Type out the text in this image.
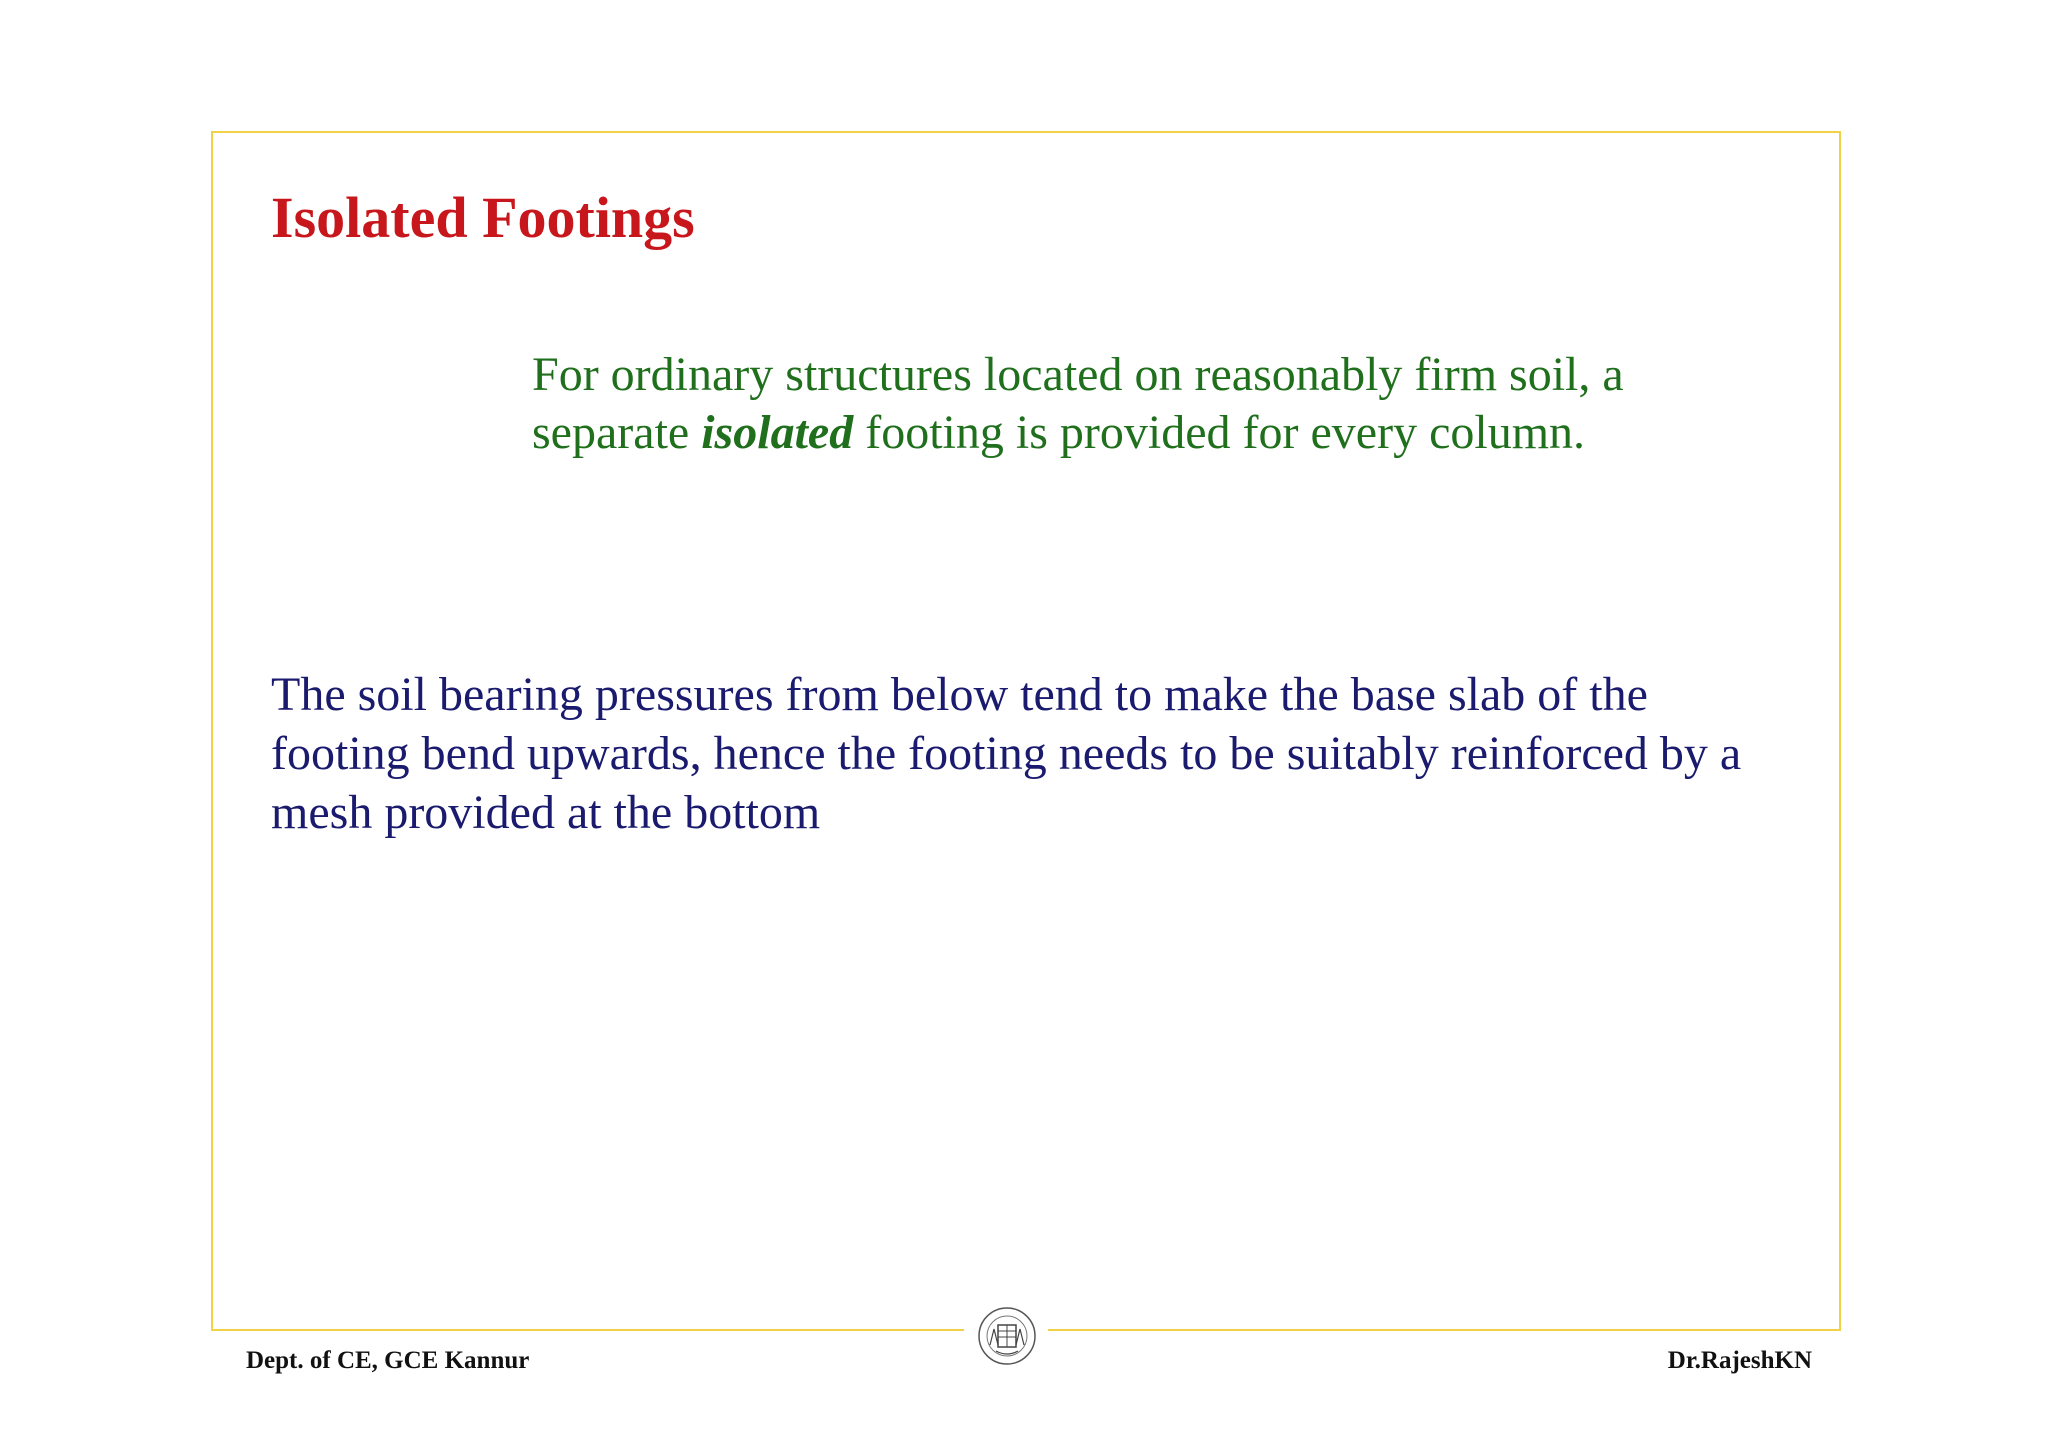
Isolated Footings

For ordinary structures located on reasonably firm soil, a separate isolated footing is provided for every column.

The soil bearing pressures from below tend to make the base slab of the footing bend upwards, hence the footing needs to be suitably reinforced by a mesh provided at the bottom

Dept. of CE, GCE Kannur	Dr.RajeshKN
